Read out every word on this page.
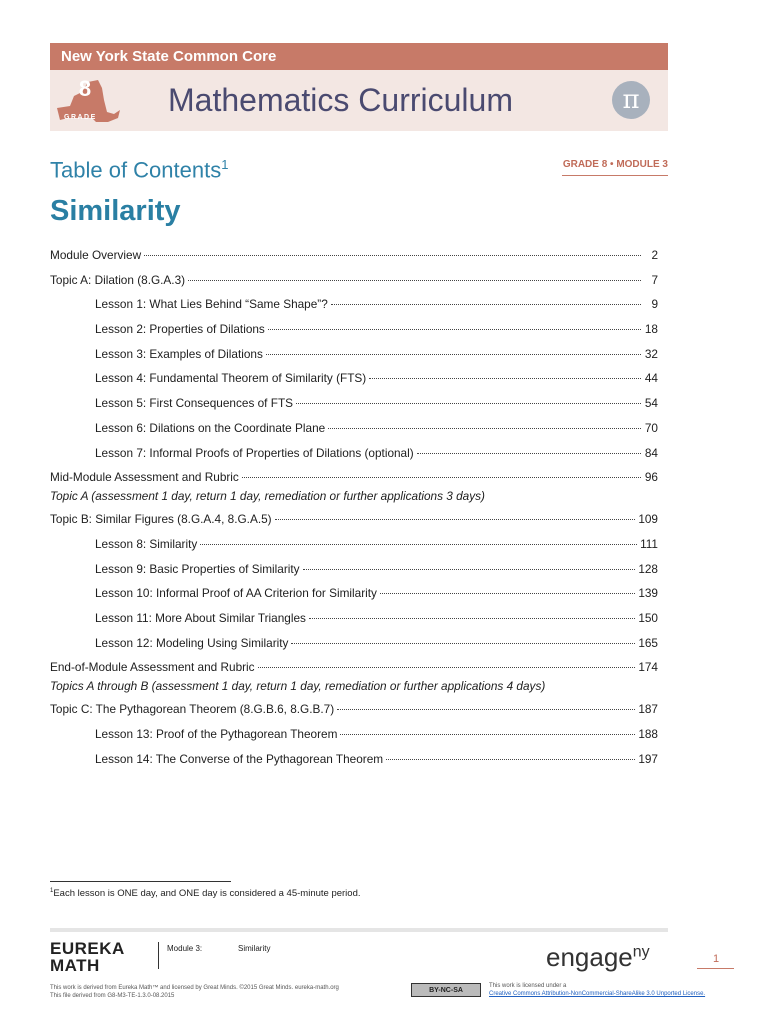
New York State Common Core
8
GRADE Mathematics Curriculum	π
Table of Contents$^1$	GRADE 8 • MODULE 3
Similarity
Module Overview	2
Topic A: Dilation (8.G.A.3)	7
Lesson 1: What Lies Behind “Same Shape”?	9
Lesson 2: Properties of Dilations	18
Lesson 3: Examples of Dilations	32
Lesson 4: Fundamental Theorem of Similarity (FTS)	44
Lesson 5: First Consequences of FTS	54
Lesson 6: Dilations on the Coordinate Plane	70
Lesson 7: Informal Proofs of Properties of Dilations (optional)	84
Mid-Module Assessment and Rubric	96
Topic A (assessment 1 day, return 1 day, remediation or further applications 3 days)
Topic B: Similar Figures (8.G.A.4, 8.G.A.5)	109
Lesson 8: Similarity	111
Lesson 9: Basic Properties of Similarity	128
Lesson 10: Informal Proof of AA Criterion for Similarity	139
Lesson 11: More About Similar Triangles	150
Lesson 12: Modeling Using Similarity	165
End-of-Module Assessment and Rubric	174
Topics A through B (assessment 1 day, return 1 day, remediation or further applications 4 days)
Topic C: The Pythagorean Theorem (8.G.B.6, 8.G.B.7)	187
Lesson 13: Proof of the Pythagorean Theorem	188
Lesson 14: The Converse of the Pythagorean Theorem	197
$^1$Each lesson is ONE day, and ONE day is considered a 45-minute period.
EUREKA
MATH
Module 3:	Similarity	engage$^{ny}$	1
This work is derived from Eureka Math™ and licensed by Great Minds. ©2015 Great Minds. eureka-math.org
This file derived from G8-M3-TE-1.3.0-08.2015
BY-NC-SA
This work is licensed under a
Creative Commons Attribution-NonCommercial-ShareAlike 3.0 Unported License.
